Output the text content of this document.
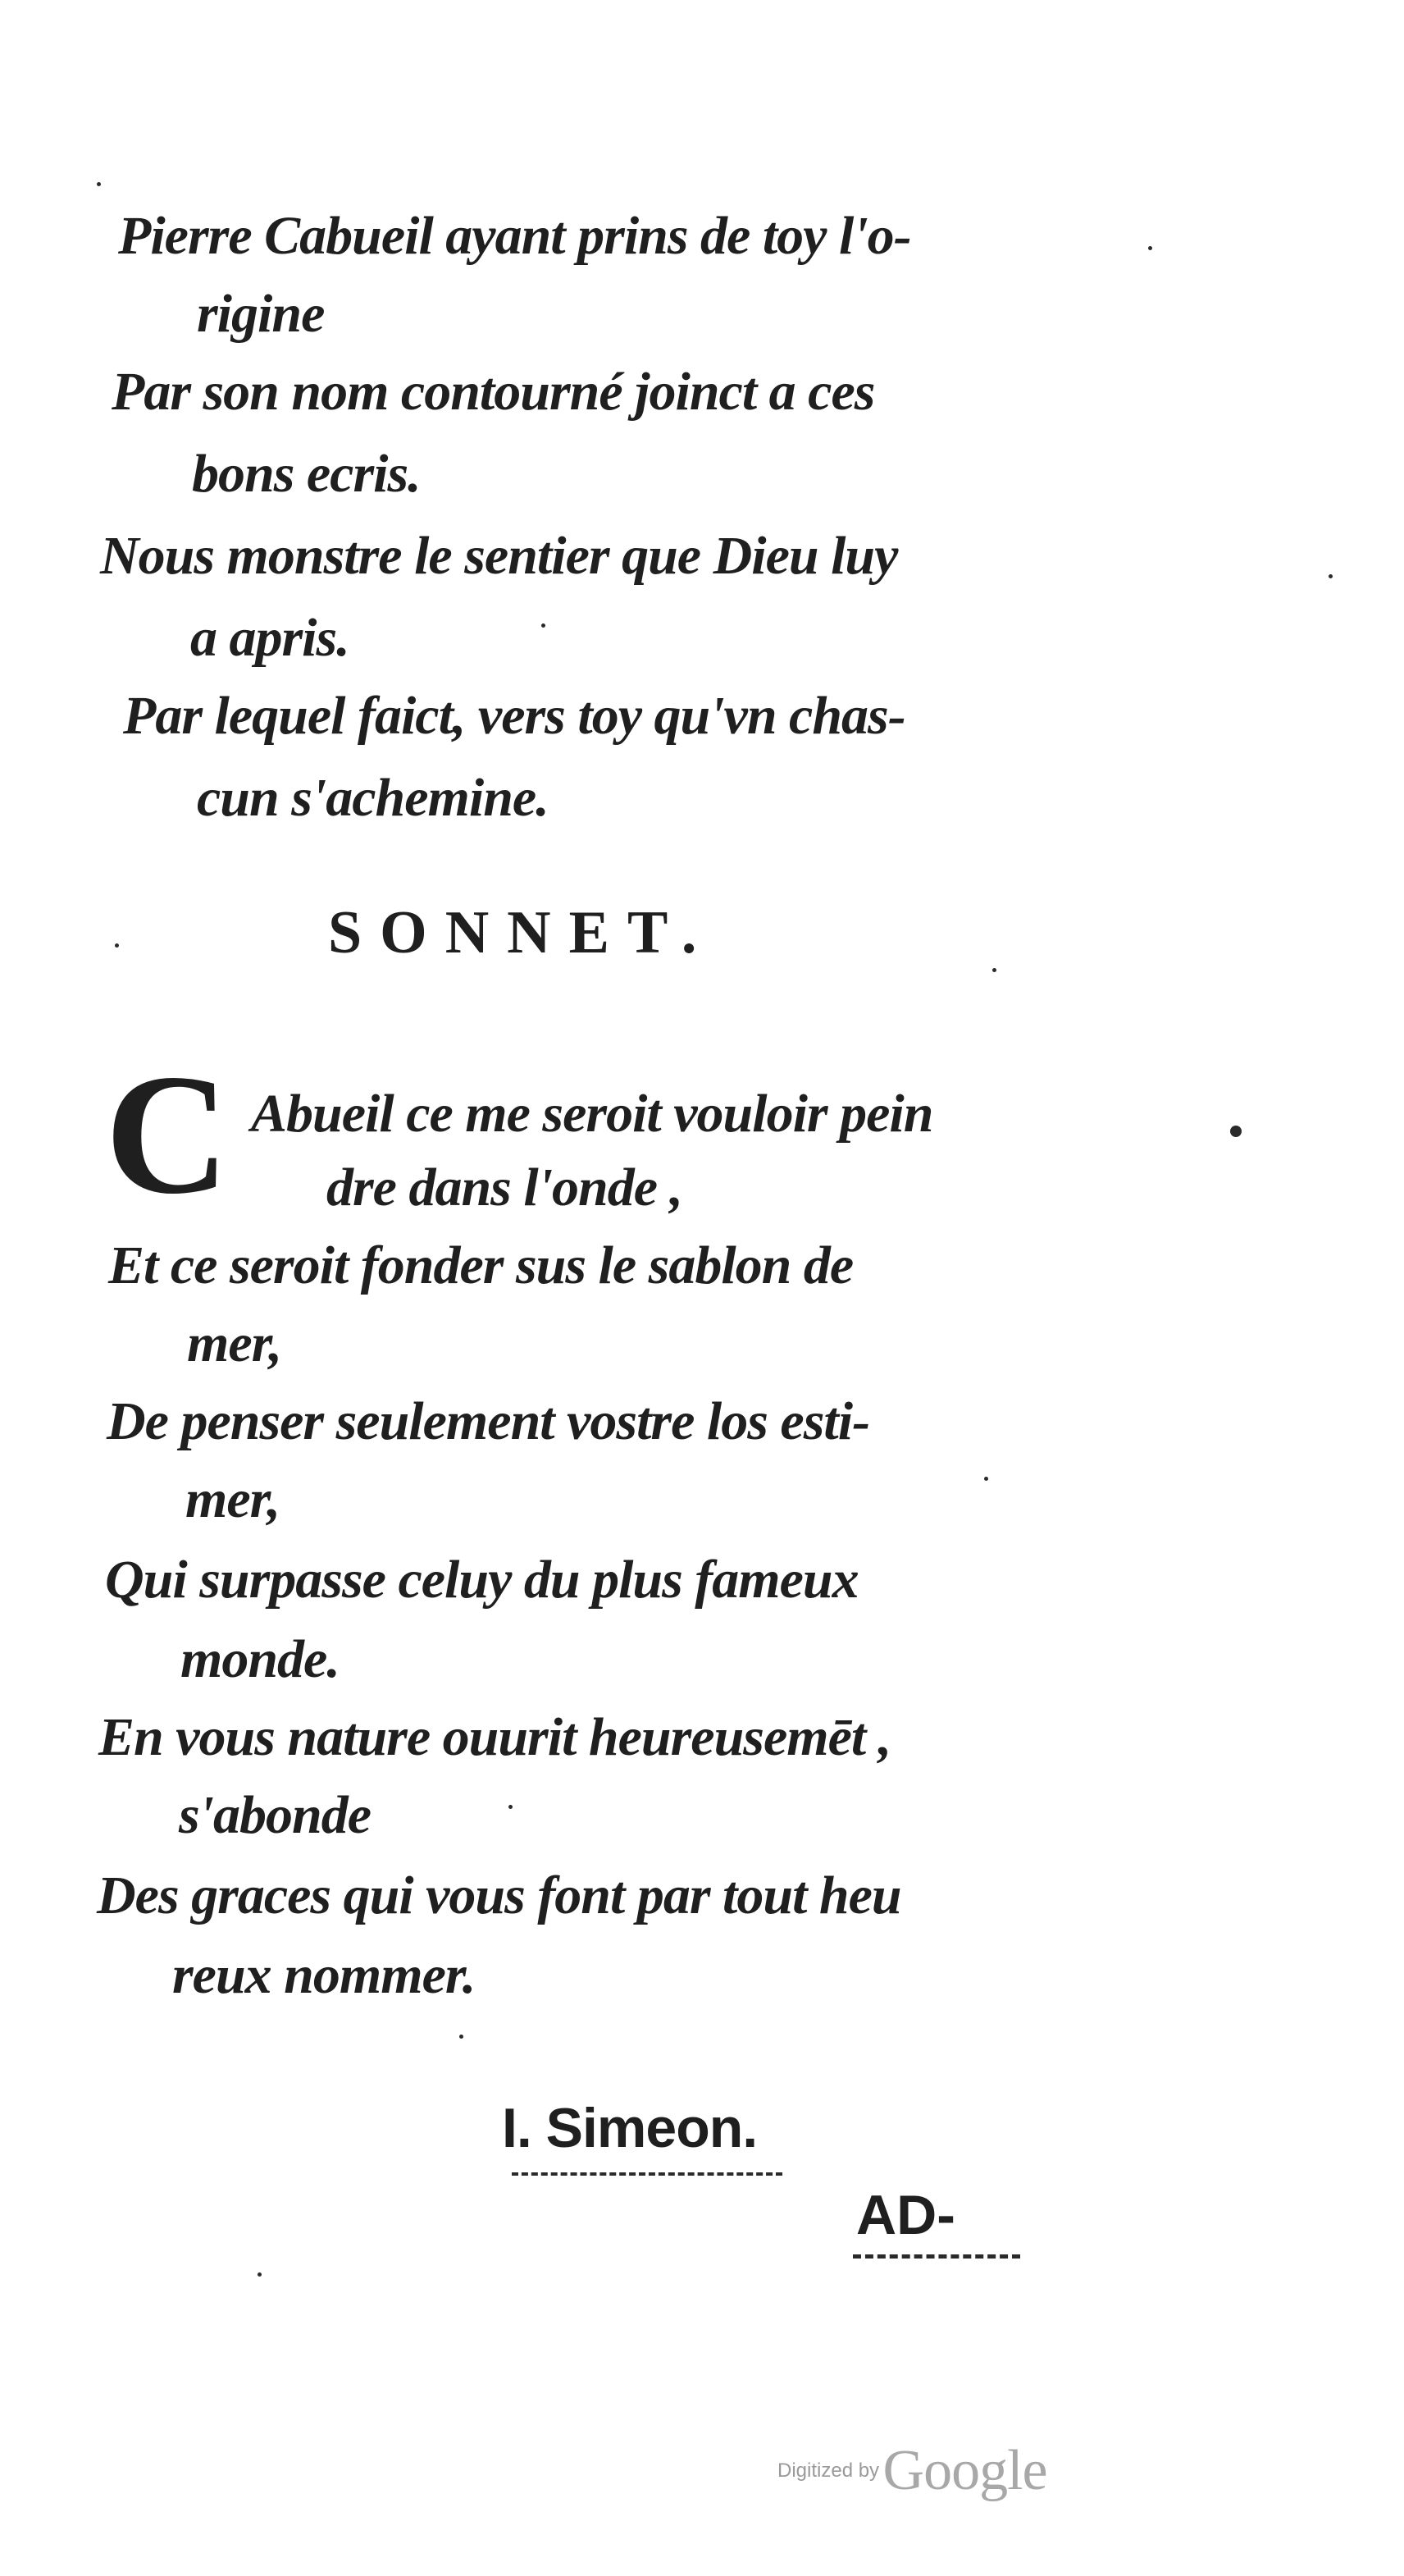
Pierre Cabueil ayant prins de toy l'o-
rigine
Par son nom contourné joinct a ces
bons ecris.
Nous monstre le sentier que Dieu luy
a apris.
Par lequel faict, vers toy qu'vn chas-
cun s'achemine.
SONNET.
C Abueil ce me seroit vouloir pein
dre dans l'onde ,
Et ce seroit fonder sus le sablon de
mer,
De penser seulement vostre los esti-
mer,
Qui surpasse celuy du plus fameux
monde.
En vous nature ouurit heureusemēt ,
s'abonde
Des graces qui vous font par tout heu
reux nommer.
I. Simeon.
AD-
Digitized by Google
